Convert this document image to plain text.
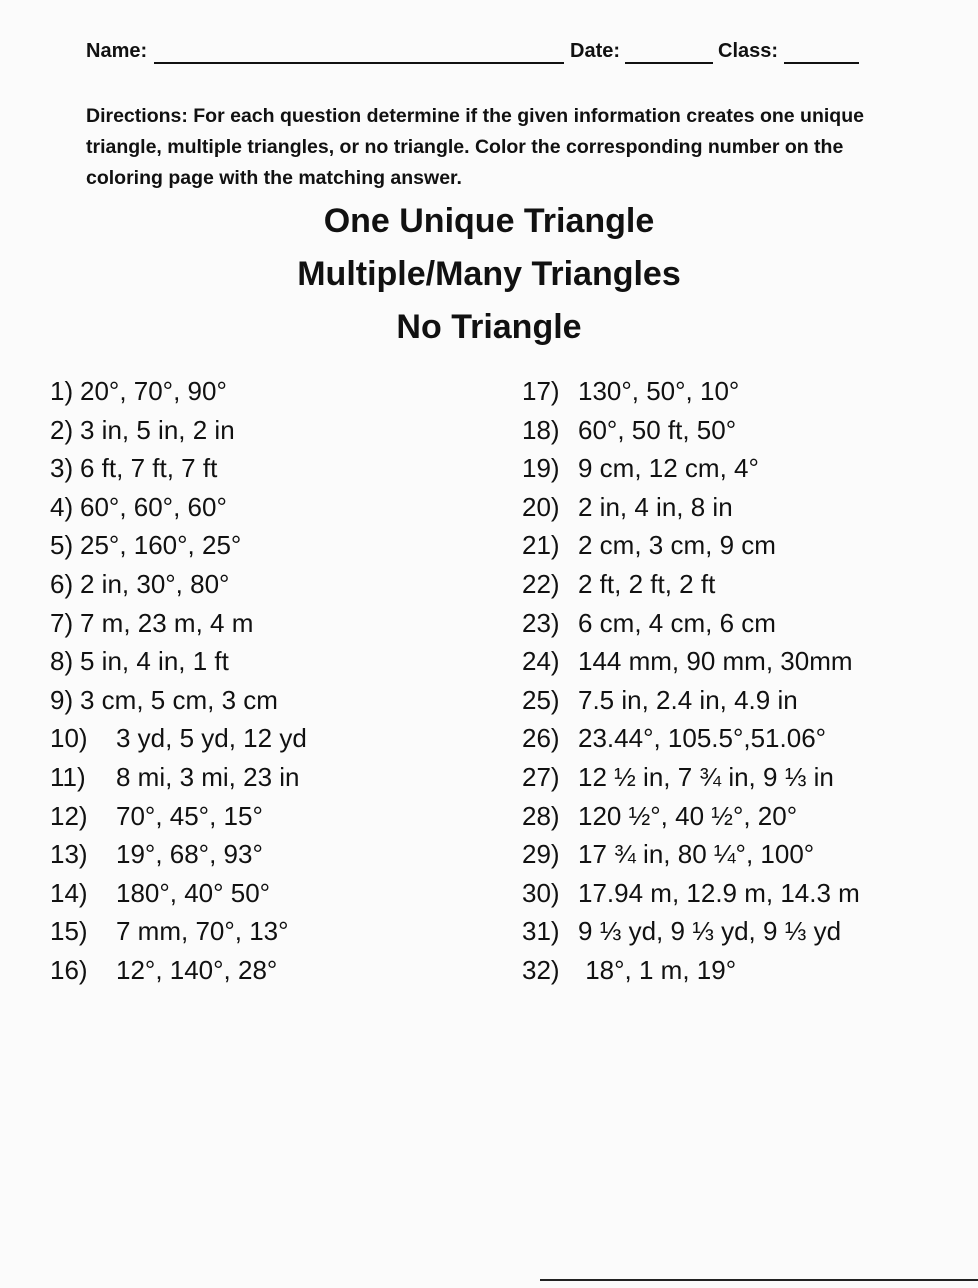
Name:	Date:	Class:
Directions: For each question determine if the given information creates one unique triangle, multiple triangles, or no triangle. Color the corresponding number on the coloring page with the matching answer.
One Unique Triangle
Multiple/Many Triangles
No Triangle
1) 20°, 70°, 90°
2) 3 in, 5 in, 2 in
3) 6 ft, 7 ft, 7 ft
4) 60°, 60°, 60°
5) 25°, 160°, 25°
6) 2 in, 30°, 80°
7) 7 m, 23 m, 4 m
8) 5 in, 4 in, 1 ft
9) 3 cm, 5 cm, 3 cm
10) 3 yd, 5 yd, 12 yd
11) 8 mi, 3 mi, 23 in
12) 70°, 45°, 15°
13) 19°, 68°, 93°
14) 180°, 40° 50°
15) 7 mm, 70°, 13°
16) 12°, 140°, 28°
17) 130°, 50°, 10°
18) 60°, 50 ft, 50°
19) 9 cm, 12 cm, 4°
20) 2 in, 4 in, 8 in
21) 2 cm, 3 cm, 9 cm
22) 2 ft, 2 ft, 2 ft
23) 6 cm, 4 cm, 6 cm
24) 144 mm, 90 mm, 30mm
25) 7.5 in, 2.4 in, 4.9 in
26) 23.44°, 105.5°,51.06°
27) 12 ½ in, 7 ¾ in, 9 ⅓ in
28) 120 ½°, 40 ½°, 20°
29) 17 ¾ in, 80 ¼°, 100°
30) 17.94 m, 12.9 m, 14.3 m
31) 9 ⅓ yd, 9 ⅓ yd, 9 ⅓ yd
32) 18°, 1 m, 19°
